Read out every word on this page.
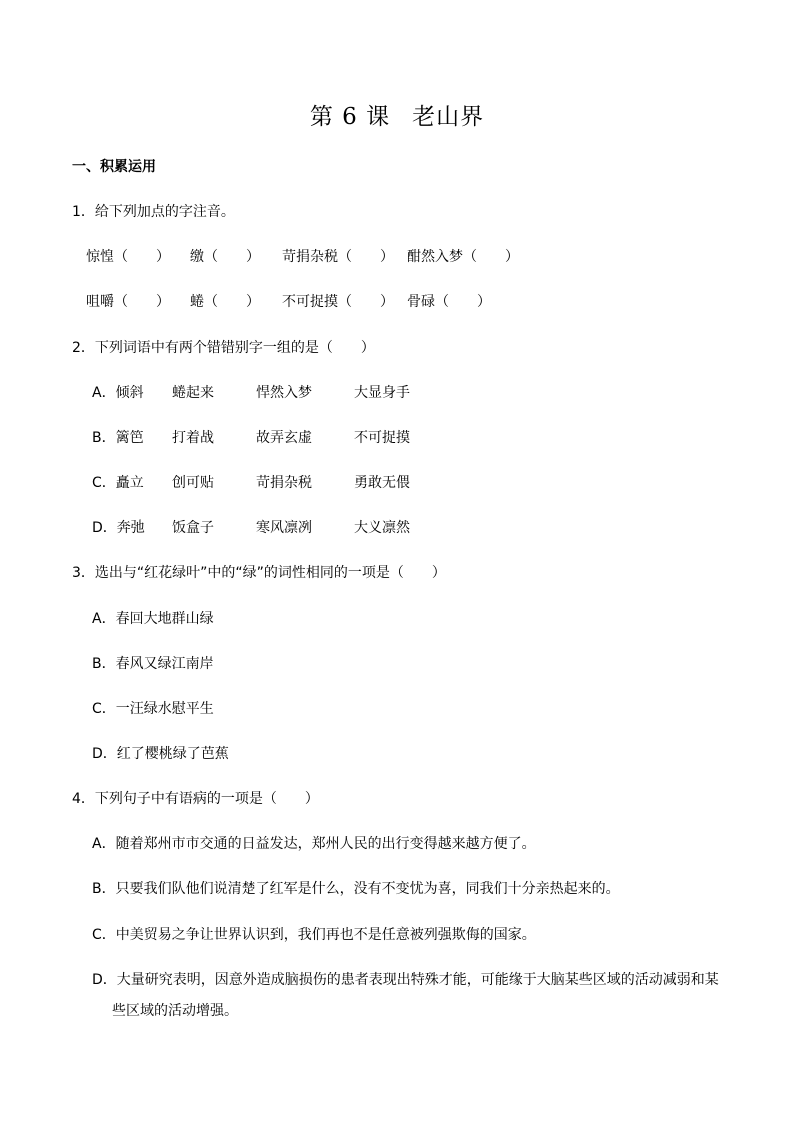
第 6 课 老山界
一、积累运用
1．给下列加点的字注音。
惊惶（　　） 缴（　　） 苛捐杂税（　　） 酣然入梦（　　）
咀嚼（　　） 蜷（　　） 不可捉摸（　　） 骨碌（　　）
2．下列词语中有两个错错别字一组的是（　　）
A．倾斜 蜷起来	悍然入梦	大显身手
B．篱笆 打着战	故弄玄虚	不可捉摸
C．矗立 创可贴	苛捐杂税	勇敢无偎
D．奔弛 饭盒子	寒风凛冽	大义凛然
3．选出与“红花绿叶”中的“绿”的词性相同的一项是（　　）
A．春回大地群山绿
B．春风又绿江南岸
C．一汪绿水慰平生
D．红了樱桃绿了芭蕉
4．下列句子中有语病的一项是（　　）
A．随着郑州市市交通的日益发达，郑州人民的出行变得越来越方便了。
B．只要我们队他们说清楚了红军是什么，没有不变忧为喜，同我们十分亲热起来的。
C．中美贸易之争让世界认识到，我们再也不是任意被列强欺侮的国家。
D．大量研究表明，因意外造成脑损伤的患者表现出特殊才能，可能缘于大脑某些区域的活动减弱和某
些区域的活动增强。
